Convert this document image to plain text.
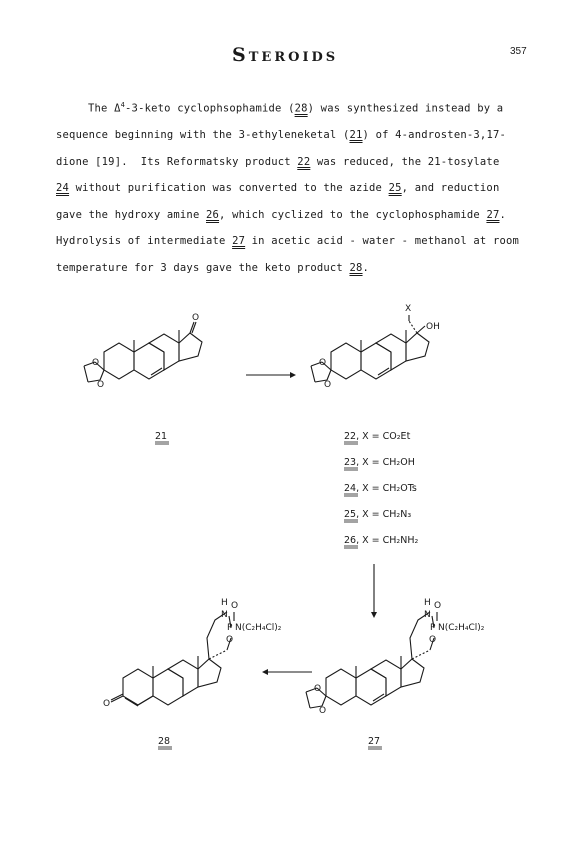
STEROIDS	357
The $\Delta^4-3$-keto cyclophsophamide (28) was synthesized instead by a
sequence beginning with the 3-ethyleneketal (21) of 4-androsten-3,17-
dione [19].  Its Reformatsky product 22 was reduced, the 21-tosylate
24 without purification was converted to the azide 25, and reduction
gave the hydroxy amine 26, which cyclized to the cyclophosphamide 27.
Hydrolysis of intermediate 27 in acetic acid - water - methanol at room
temperature for 3 days gave the keto product 28.
O
O
O
21
O
O
OH
X
22, X = CO₂Et
23, X = CH₂OH
24, X = CH₂OTs
25, X = CH₂N₃
26, X = CH₂NH₂
O
O
O
P N(C₂H₄Cl)₂
N
H O
27
O
O
P N(C₂H₄Cl)₂
N
H O
28
